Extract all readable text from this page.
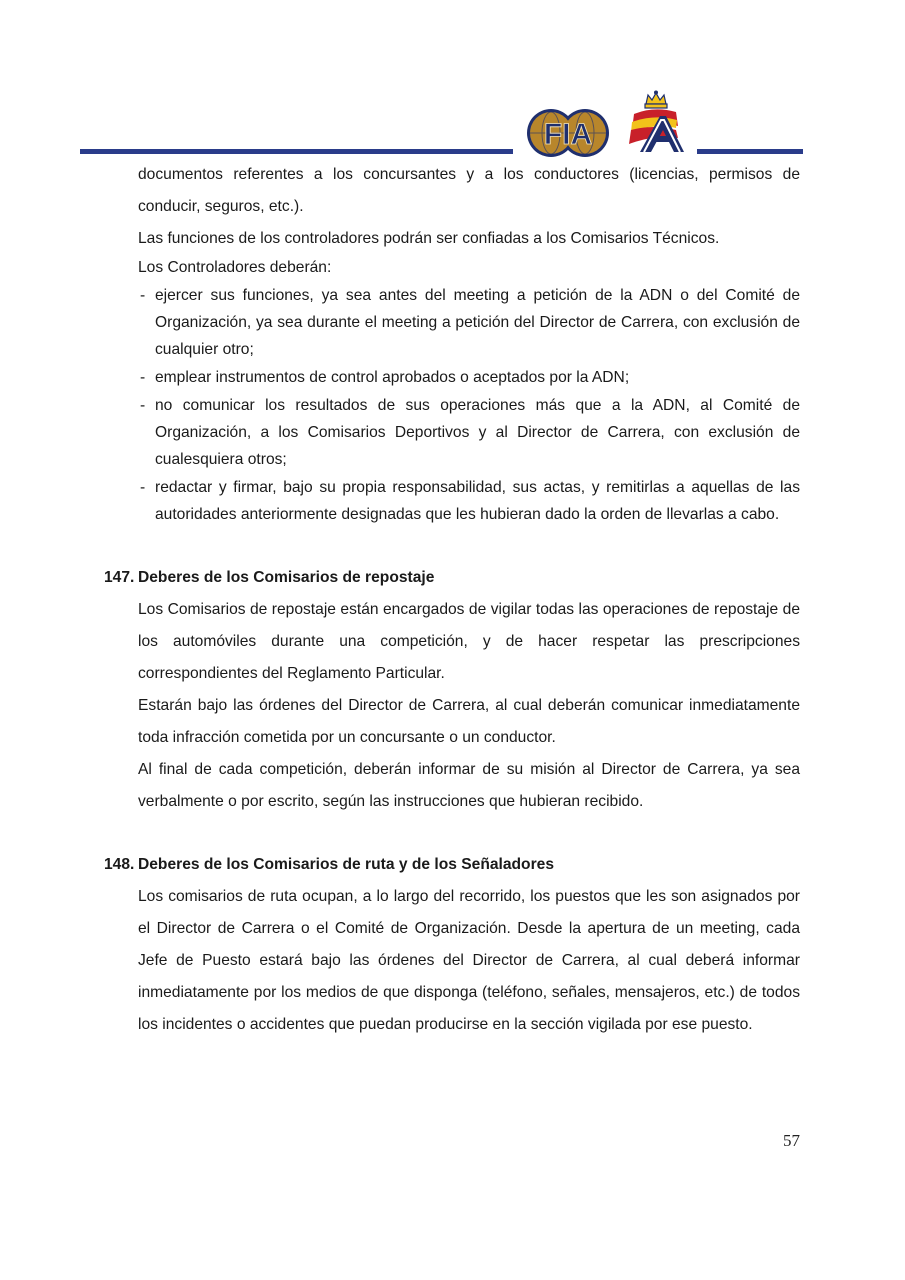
FIA

documentos referentes a los concursantes y a los conductores (licencias, permisos de conducir, seguros, etc.).

Las funciones de los controladores podrán ser confiadas a los Comisarios Técnicos.

Los Controladores deberán:

- ejercer sus funciones, ya sea antes del meeting a petición de la ADN o del Comité de Organización, ya sea durante el meeting a petición del Director de Carrera, con exclusión de cualquier otro;
- emplear instrumentos de control aprobados o aceptados por la ADN;
- no comunicar los resultados de sus operaciones más que a la ADN, al Comité de Organización, a los Comisarios Deportivos y al Director de Carrera, con exclusión de cualesquiera otros;
- redactar y firmar, bajo su propia responsabilidad, sus actas, y remitirlas a aquellas de las autoridades anteriormente designadas que les hubieran dado la orden de llevarlas a cabo.
147. Deberes de los Comisarios de repostaje

Los Comisarios de repostaje están encargados de vigilar todas las operaciones de repostaje de los automóviles durante una competición, y de hacer respetar las prescripciones correspondientes del Reglamento Particular.

Estarán bajo las órdenes del Director de Carrera, al cual deberán comunicar inmediatamente toda infracción cometida por un concursante o un conductor.

Al final de cada competición, deberán informar de su misión al Director de Carrera, ya sea verbalmente o por escrito, según las instrucciones que hubieran recibido.

148. Deberes de los Comisarios de ruta y de los Señaladores

Los comisarios de ruta ocupan, a lo largo del recorrido, los puestos que les son asignados por el Director de Carrera o el Comité de Organización. Desde la apertura de un meeting, cada Jefe de Puesto estará bajo las órdenes del Director de Carrera, al cual deberá informar inmediatamente por los medios de que disponga (teléfono, señales, mensajeros, etc.) de todos los incidentes o accidentes que puedan producirse en la sección vigilada por ese puesto.

57
